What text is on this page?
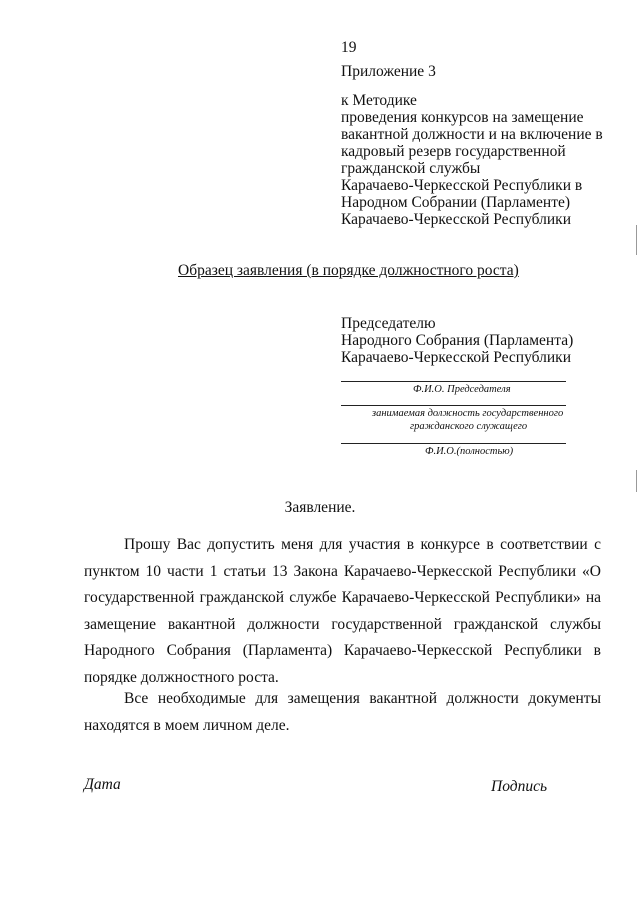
19
Приложение 3
к Методике
проведения конкурсов на замещение
вакантной должности и на включение в
кадровый резерв государственной
гражданской службы
Карачаево-Черкесской Республики в
Народном Собрании (Парламенте)
Карачаево-Черкесской Республики
Образец заявления (в порядке должностного роста)
Председателю
Народного Собрания (Парламента)
Карачаево-Черкесской Республики
Ф.И.О. Председателя
занимаемая должность государственного
гражданского служащего
Ф.И.О.(полностью)
Заявление.
Прошу Вас допустить меня для участия в конкурсе в соответствии с пунктом 10 части 1 статьи 13 Закона Карачаево-Черкесской Республики «О государственной гражданской службе Карачаево-Черкесской Республики» на замещение вакантной должности государственной гражданской службы Народного Собрания (Парламента) Карачаево-Черкесской Республики в порядке должностного роста.
Все необходимые для замещения вакантной должности документы находятся в моем личном деле.
Дата	Подпись
